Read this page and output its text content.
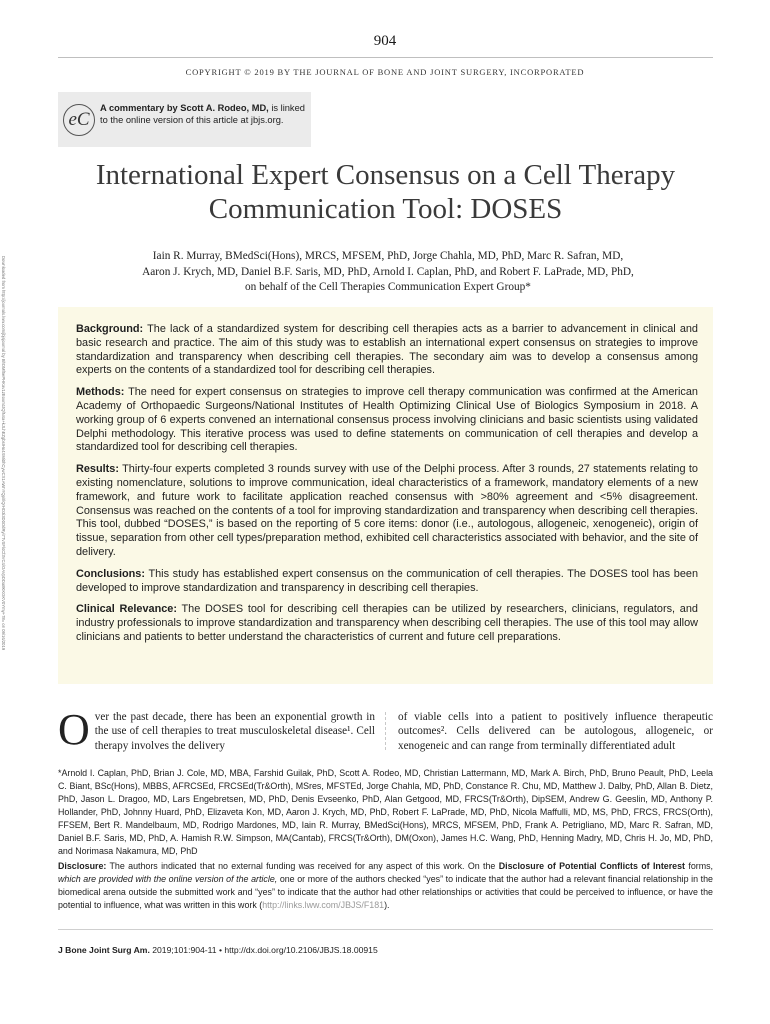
904
COPYRIGHT © 2019 BY THE JOURNAL OF BONE AND JOINT SURGERY, INCORPORATED
eC
A commentary by Scott A. Rodeo, MD, is linked to the online version of this article at jbjs.org.
International Expert Consensus on a Cell Therapy Communication Tool: DOSES
Iain R. Murray, BMedSci(Hons), MRCS, MFSEM, PhD, Jorge Chahla, MD, PhD, Marc R. Safran, MD,
Aaron J. Krych, MD, Daniel B.F. Saris, MD, PhD, Arnold I. Caplan, PhD, and Robert F. LaPrade, MD, PhD,
on behalf of the Cell Therapies Communication Expert Group*
Downloaded from http://journals.lww.com/jbjsjournal by BhDMf5ePHKav1zEoum1tQfN4a+kJLhEZgbsIHo4XMi0hCywCX1AWnYQp/IlQrHD3i3D0OdRyi7TvSFl4Cf3VC4/OAVpDDa8KKGKV0Ymy+78= on 09/16/2019	Background: The lack of a standardized system for describing cell therapies acts as a barrier to advancement in clinical and basic research and practice. The aim of this study was to establish an international expert consensus on strategies to improve standardization and transparency when describing cell therapies. The secondary aim was to develop a consensus among experts on the contents of a standardized tool for describing cell therapies.

Methods: The need for expert consensus on strategies to improve cell therapy communication was confirmed at the American Academy of Orthopaedic Surgeons/National Institutes of Health Optimizing Clinical Use of Biologics Symposium in 2018. A working group of 6 experts convened an international consensus process involving clinicians and basic scientists using validated Delphi methodology. This iterative process was used to define statements on communication of cell therapies and develop a standardized tool for describing cell therapies.

Results: Thirty-four experts completed 3 rounds survey with use of the Delphi process. After 3 rounds, 27 statements relating to existing nomenclature, solutions to improve communication, ideal characteristics of a framework, mandatory elements of a new framework, and future work to facilitate application reached consensus with >80% agreement and <5% disagreement. Consensus was reached on the contents of a tool for improving standardization and transparency when describing cell therapies. This tool, dubbed “DOSES,” is based on the reporting of 5 core items: donor (i.e., autologous, allogeneic, xenogeneic), origin of tissue, separation from other cell types/preparation method, exhibited cell characteristics associated with behavior, and the site of delivery.

Conclusions: This study has established expert consensus on the communication of cell therapies. The DOSES tool has been developed to improve standardization and transparency in describing cell therapies.

Clinical Relevance: The DOSES tool for describing cell therapies can be utilized by researchers, clinicians, regulators, and industry professionals to improve standardization and transparency when describing cell therapies. The use of this tool may allow clinicians and patients to better understand the characteristics of current and future cell preparations.

Over the past decade, there has been an exponential growth in the use of cell therapies to treat musculoskeletal disease¹. Cell therapy involves the delivery
of viable cells into a patient to positively influence therapeutic outcomes². Cells delivered can be autologous, allogeneic, or xenogeneic and can range from terminally differentiated adult
*Arnold I. Caplan, PhD, Brian J. Cole, MD, MBA, Farshid Guilak, PhD, Scott A. Rodeo, MD, Christian Lattermann, MD, Mark A. Birch, PhD, Bruno Peault, PhD, Leela C. Biant, BSc(Hons), MBBS, AFRCSEd, FRCSEd(Tr&Orth), MSres, MFSTEd, Jorge Chahla, MD, PhD, Constance R. Chu, MD, Matthew J. Dalby, PhD, Allan B. Dietz, PhD, Jason L. Dragoo, MD, Lars Engebretsen, MD, PhD, Denis Evseenko, PhD, Alan Getgood, MD, FRCS(Tr&Orth), DipSEM, Andrew G. Geeslin, MD, Anthony P. Hollander, PhD, Johnny Huard, PhD, Elizaveta Kon, MD, Aaron J. Krych, MD, PhD, Robert F. LaPrade, MD, PhD, Nicola Maffulli, MD, MS, PhD, FRCS, FRCS(Orth), FFSEM, Bert R. Mandelbaum, MD, Rodrigo Mardones, MD, Iain R. Murray, BMedSci(Hons), MRCS, MFSEM, PhD, Frank A. Petrigliano, MD, Marc R. Safran, MD, Daniel B.F. Saris, MD, PhD, A. Hamish R.W. Simpson, MA(Cantab), FRCS(Tr&Orth), DM(Oxon), James H.C. Wang, PhD, Henning Madry, MD, Chris H. Jo, MD, PhD, and Norimasa Nakamura, MD, PhD
Disclosure: The authors indicated that no external funding was received for any aspect of this work. On the Disclosure of Potential Conflicts of Interest forms, which are provided with the online version of the article, one or more of the authors checked “yes” to indicate that the author had a relevant financial relationship in the biomedical arena outside the submitted work and “yes” to indicate that the author had other relationships or activities that could be perceived to influence, or have the potential to influence, what was written in this work (http://links.lww.com/JBJS/F181).
J Bone Joint Surg Am. 2019;101:904-11 • http://dx.doi.org/10.2106/JBJS.18.00915
